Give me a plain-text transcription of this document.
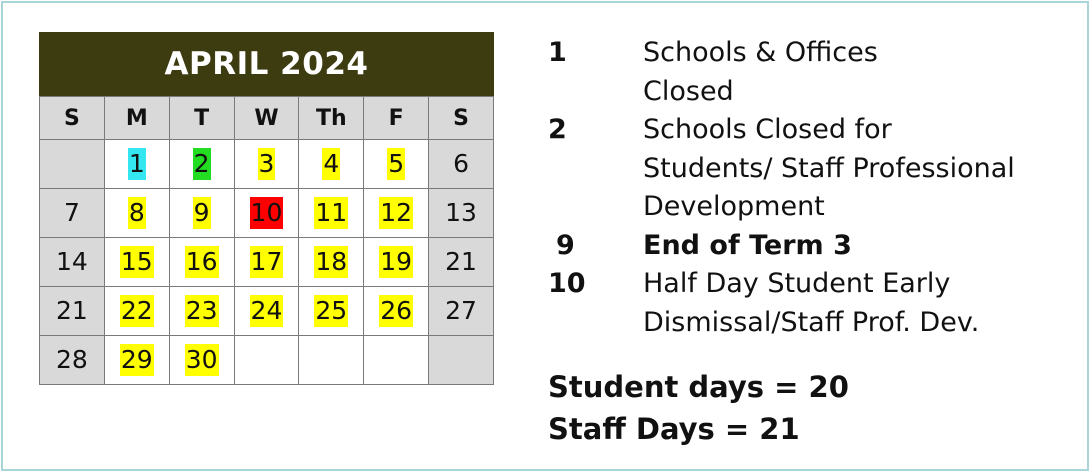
APRIL 2024
S	M	T	W	Th	F	S
	1	2	3	4	5	6
7	8	9	10	11	12	13
14	15	16	17	18	19	21
21	22	23	24	25	26	27
28	29	30				
1	Schools & Offices
Closed
2	Schools Closed for
Students/ Staff Professional
Development
9	End of Term 3
10	Half Day Student Early
Dismissal/Staff Prof. Dev.
Student days = 20
Staff Days = 21
